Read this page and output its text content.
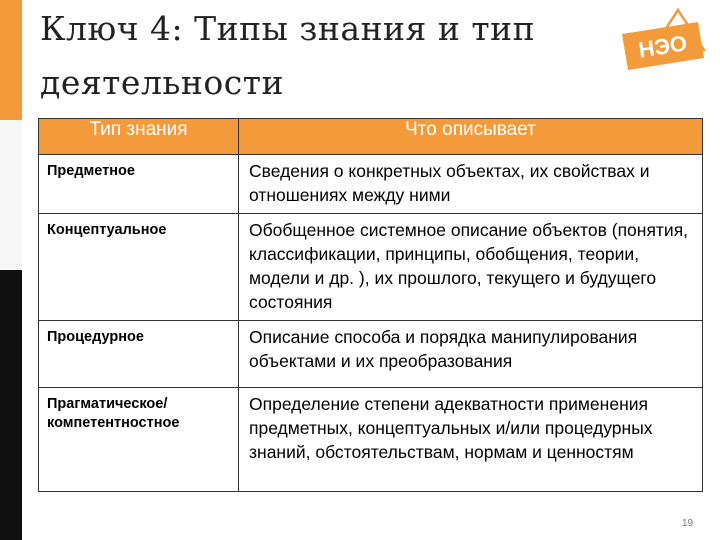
Ключ 4: Типы знания и тип
деятельности
НЭО
Тип знания	Что описывает
Предметное	Сведения о конкретных объектах, их свойствах и отношениях между ними
Концептуальное	Обобщенное системное описание объектов (понятия, классификации, принципы, обобщения, теории, модели и др. ), их прошлого, текущего и будущего состояния
Процедурное	Описание способа и порядка манипулирования объектами и их преобразования
Прагматическое/ компетентностное	Определение степени адекватности применения предметных, концептуальных и/или процедурных знаний, обстоятельствам, нормам и ценностям
19
